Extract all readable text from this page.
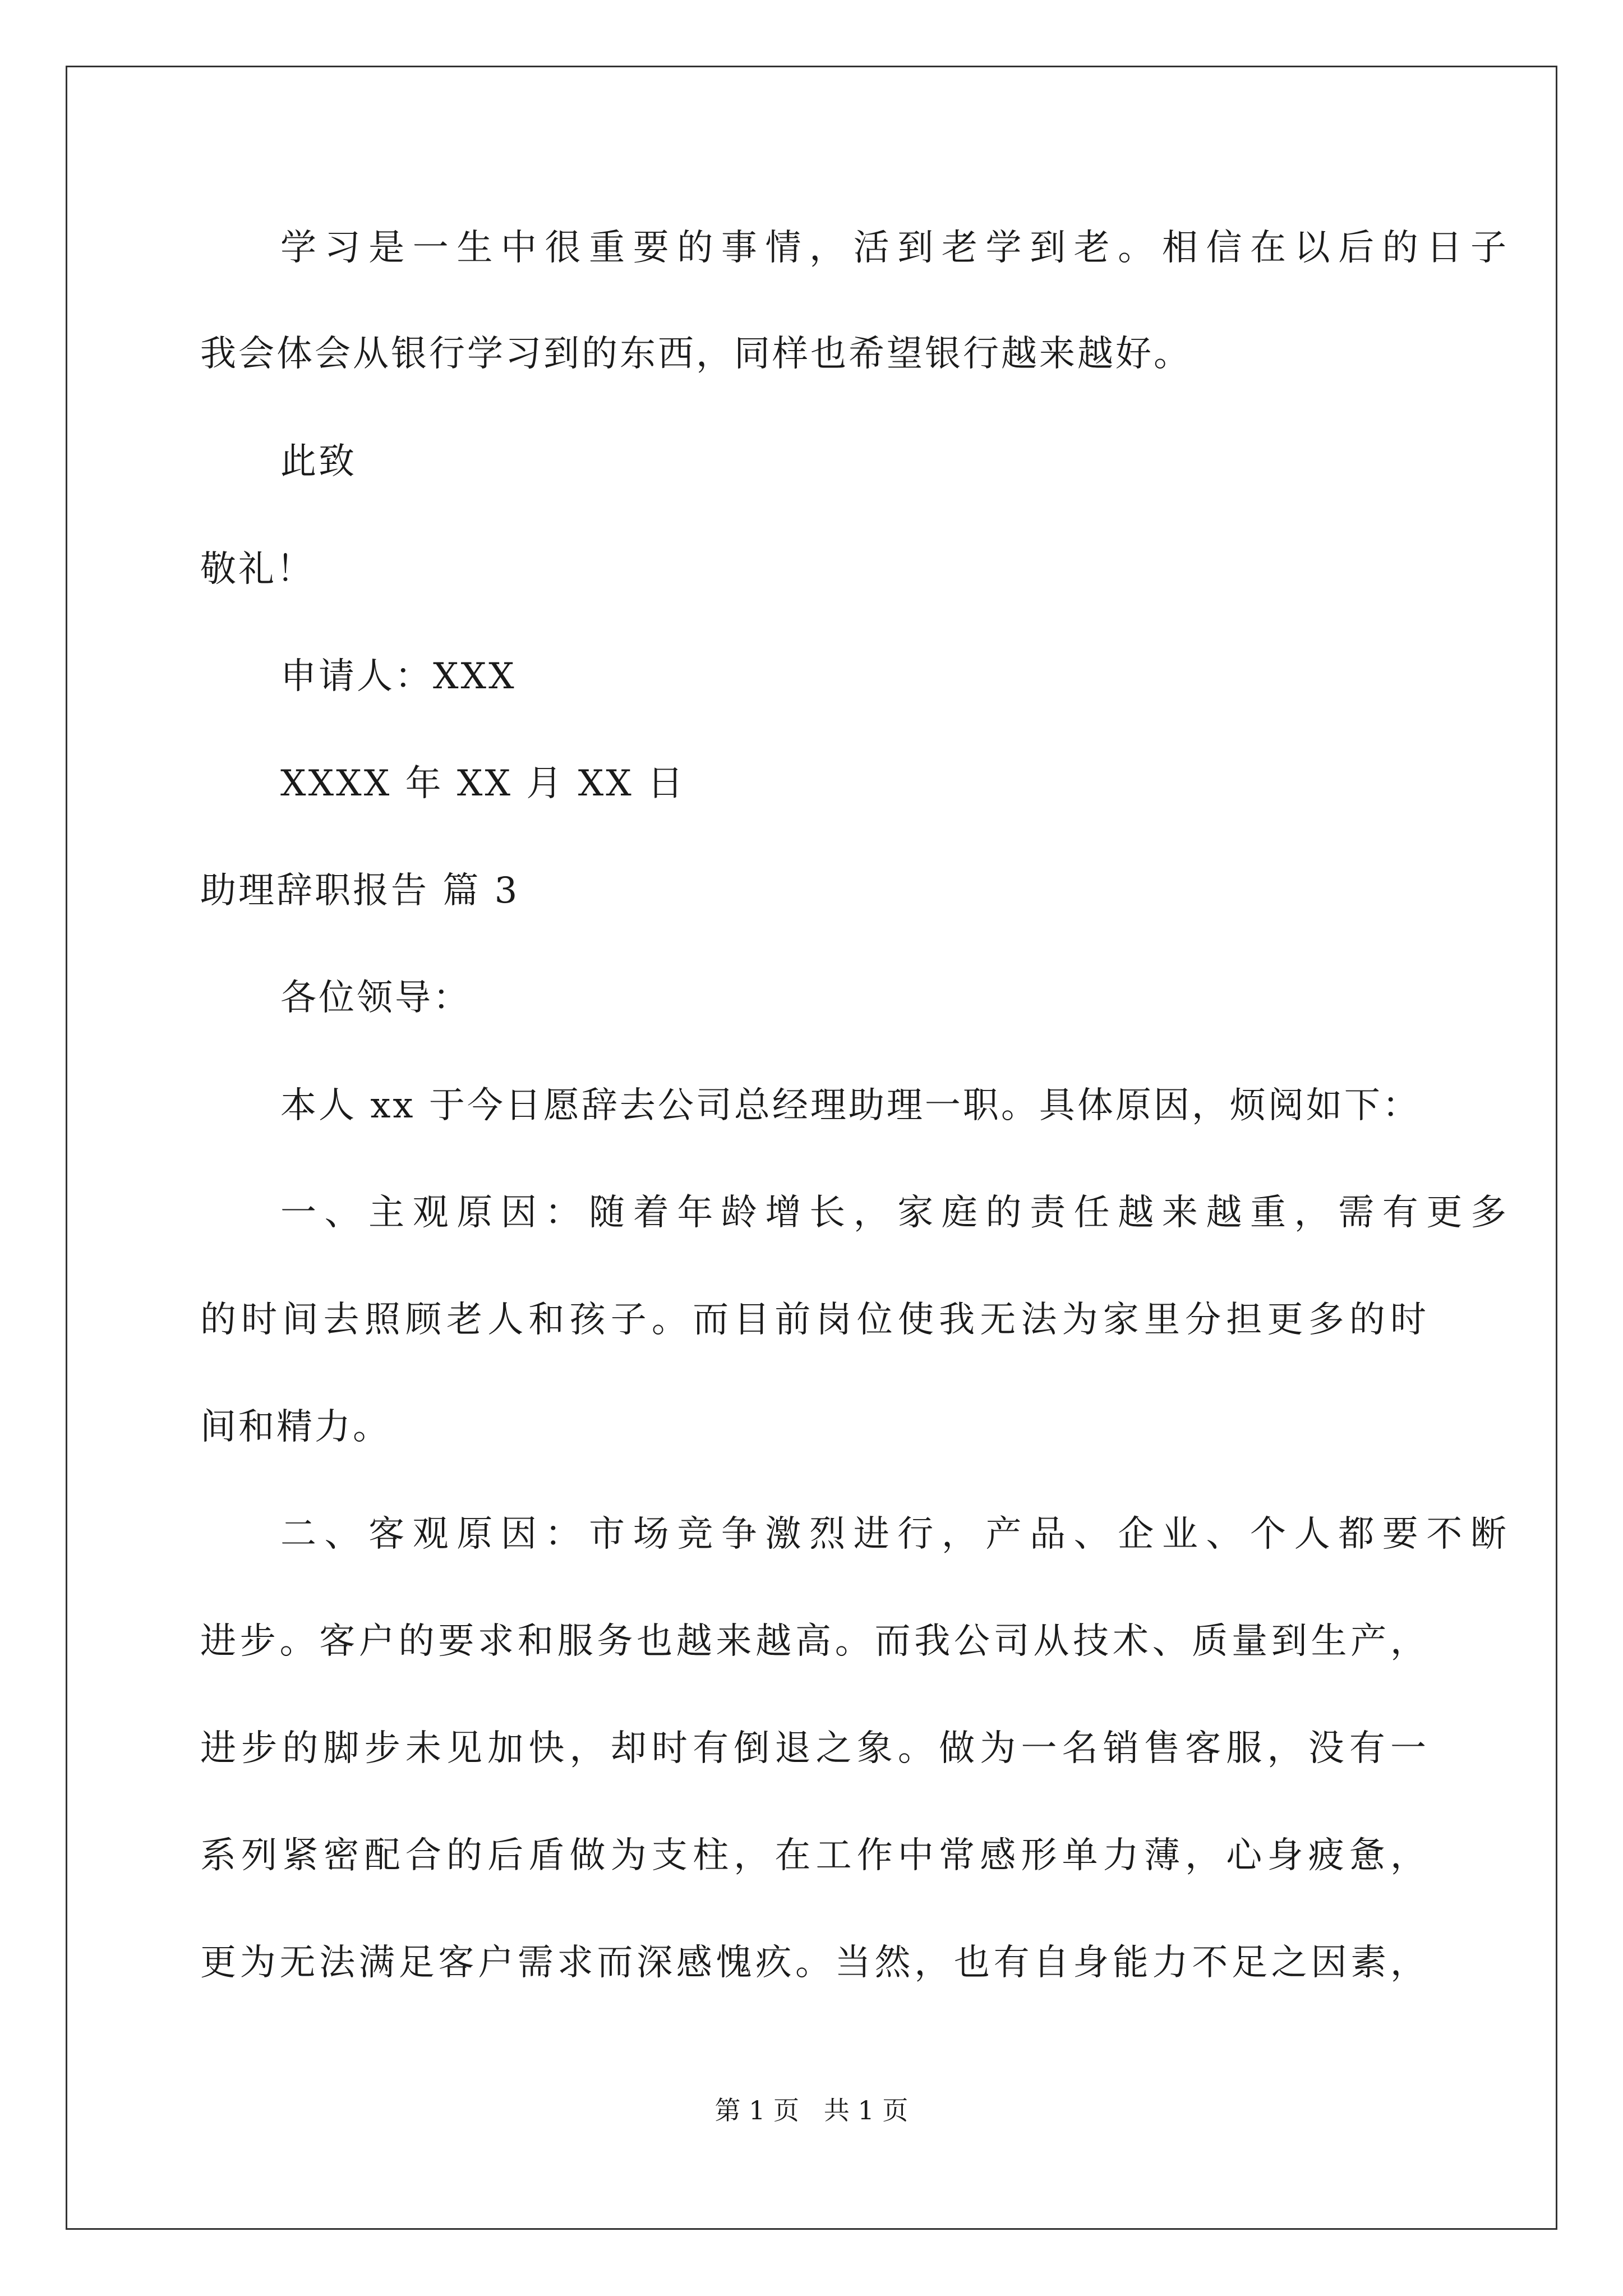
学习是一生中很重要的事情，活到老学到老。相信在以后的日子
我会体会从银行学习到的东西，同样也希望银行越来越好。
此致
敬礼！
申请人：XXX
XXXX 年 XX 月 XX 日
助理辞职报告 篇 3
各位领导：
本人 xx 于今日愿辞去公司总经理助理一职。具体原因，烦阅如下：
一、主观原因：随着年龄增长，家庭的责任越来越重，需有更多
的时间去照顾老人和孩子。而目前岗位使我无法为家里分担更多的时
间和精力。
二、客观原因：市场竞争激烈进行，产品、企业、个人都要不断
进步。客户的要求和服务也越来越高。而我公司从技术、质量到生产，
进步的脚步未见加快，却时有倒退之象。做为一名销售客服，没有一
系列紧密配合的后盾做为支柱，在工作中常感形单力薄，心身疲惫，
更为无法满足客户需求而深感愧疚。当然，也有自身能力不足之因素，
第 1 页   共 1 页
